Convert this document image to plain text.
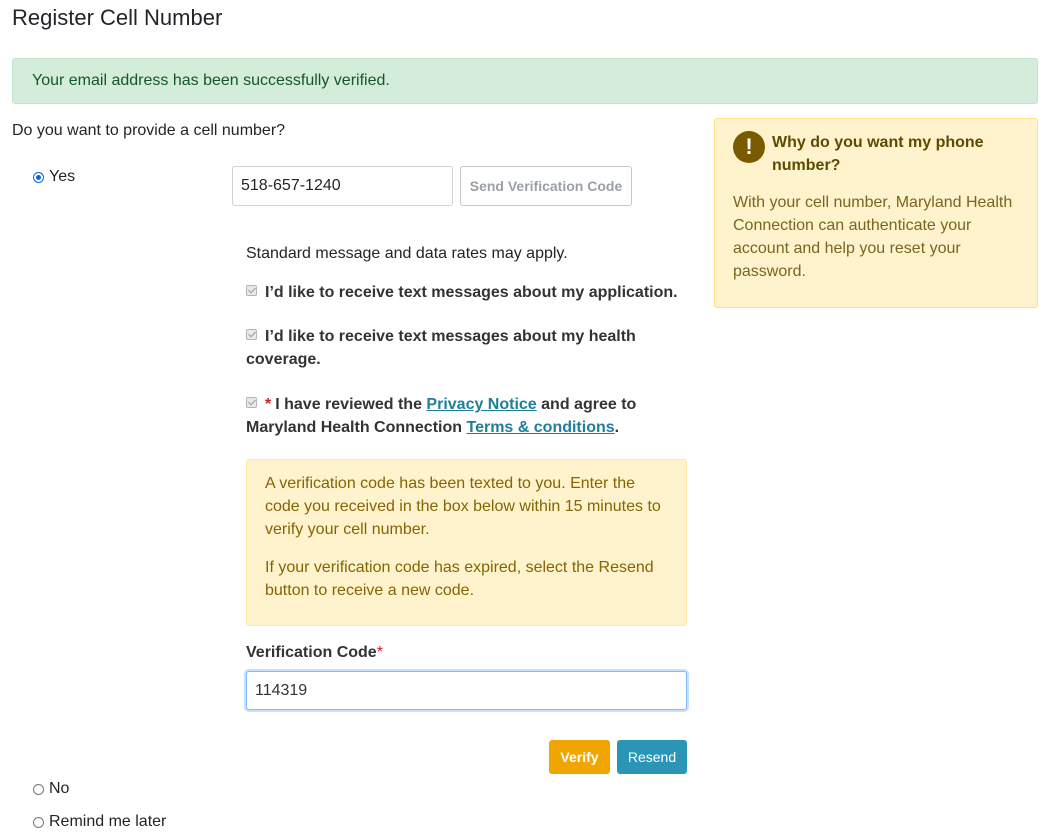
Register Cell Number
Your email address has been successfully verified.
Do you want to provide a cell number?
Yes
518-657-1240
Send Verification Code
Standard message and data rates may apply.
I’d like to receive text messages about my application.
I’d like to receive text messages about my health coverage.
* I have reviewed the Privacy Notice and agree to Maryland Health Connection Terms & conditions.

A verification code has been texted to you. Enter the code you received in the box below within 15 minutes to verify your cell number.

If your verification code has expired, select the Resend button to receive a new code.

Verification Code*
114319
Verify	Resend
No
Remind me later
!	Why do you want my phone number?
With your cell number, Maryland Health Connection can authenticate your account and help you reset your password.
